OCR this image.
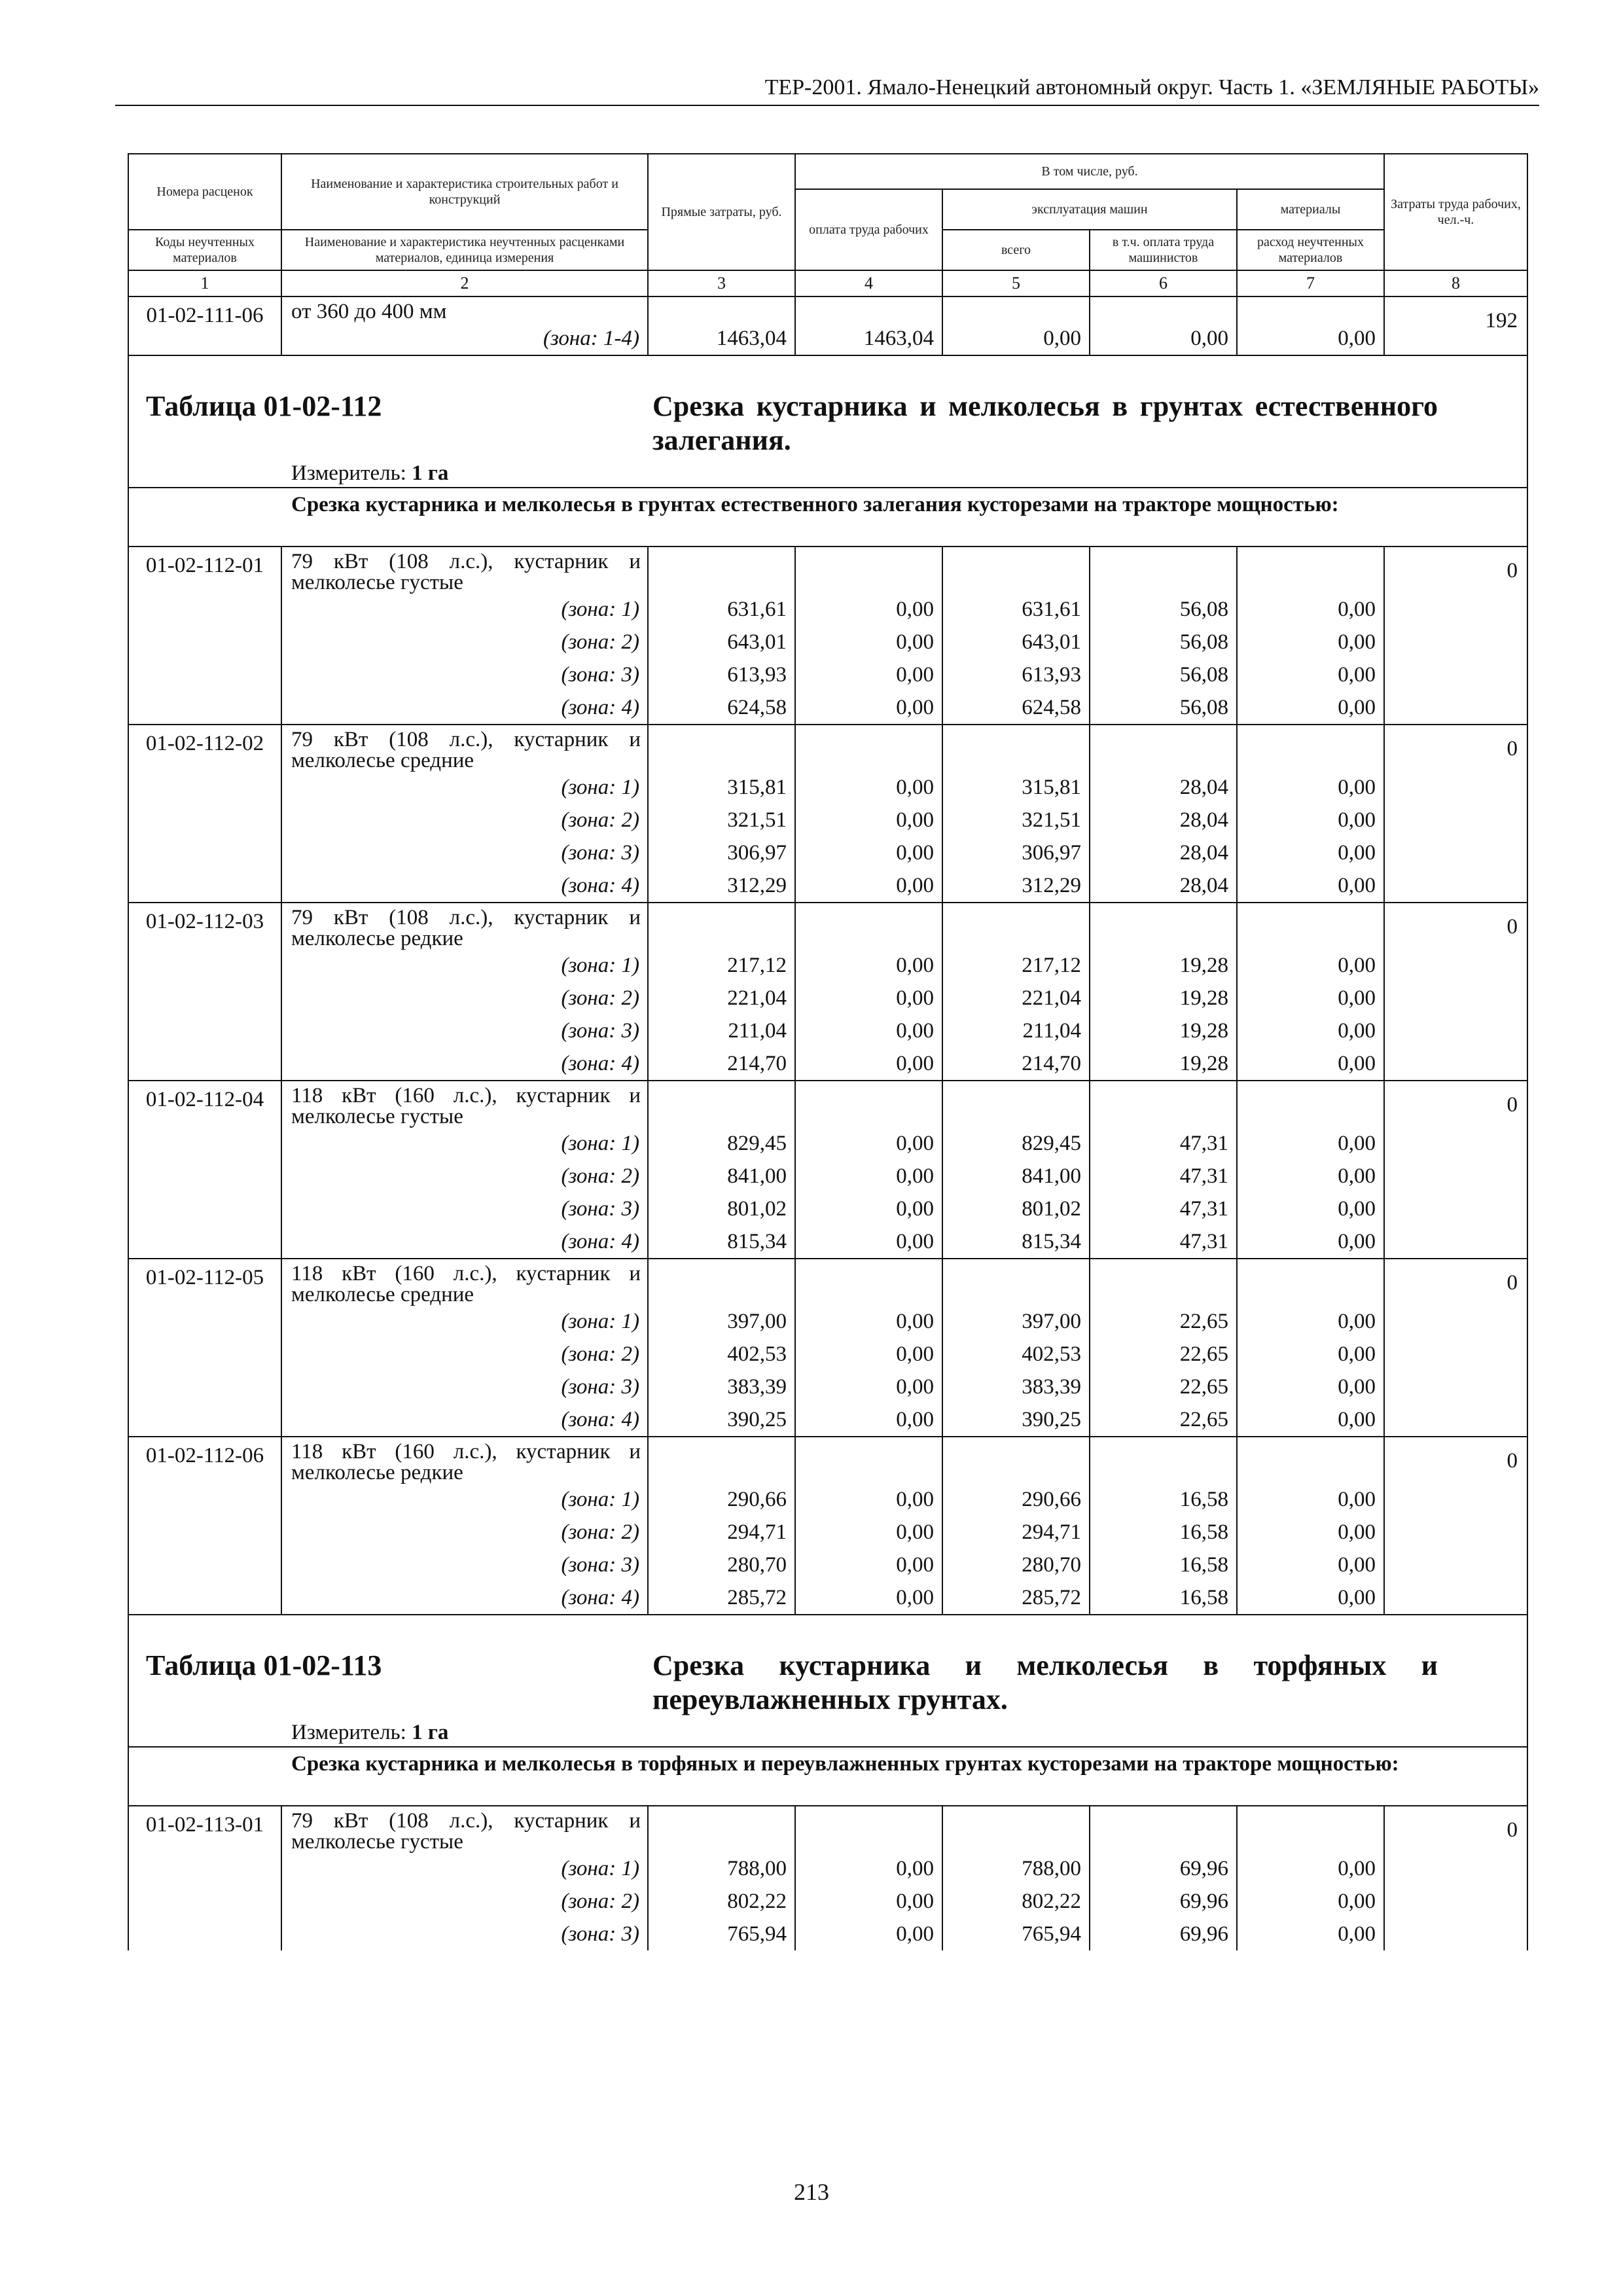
ТЕР-2001. Ямало-Ненецкий автономный округ. Часть 1. «ЗЕМЛЯНЫЕ РАБОТЫ»
Номера расценок	Наименование и характеристика строительных работ и конструкций	Прямые затраты, руб.	В том числе, руб.				Затраты труда рабочих, чел.-ч.
			оплата труда рабочих	эксплуатация машин		материалы	
Коды неучтенных материалов	Наименование и характеристика неучтенных расценками материалов, единица измерения			всего	в т.ч. оплата труда машинистов	расход неучтенных материалов	
1	2	3	4	5	6	7	8
01-02-111-06	от 360 до 400 мм						192
	(зона: 1-4)	1463,04	1463,04	0,00	0,00	0,00	

Таблица 01-02-112 Срезка кустарника и мелколесья в грунтах естественного залегания.
Измеритель: 1 га							

Срезка кустарника и мелколесья в грунтах естественного залегания кусторезами на тракторе мощностью:							

01-02-112-01	79 кВт (108 л.с.), кустарник и мелколесье густые						0
	(зона: 1)	631,61	0,00	631,61	56,08	0,00	
	(зона: 2)	643,01	0,00	643,01	56,08	0,00	
	(зона: 3)	613,93	0,00	613,93	56,08	0,00	
	(зона: 4)	624,58	0,00	624,58	56,08	0,00	
01-02-112-02	79 кВт (108 л.с.), кустарник и мелколесье средние						0
	(зона: 1)	315,81	0,00	315,81	28,04	0,00	
	(зона: 2)	321,51	0,00	321,51	28,04	0,00	
	(зона: 3)	306,97	0,00	306,97	28,04	0,00	
	(зона: 4)	312,29	0,00	312,29	28,04	0,00	
01-02-112-03	79 кВт (108 л.с.), кустарник и мелколесье редкие						0
	(зона: 1)	217,12	0,00	217,12	19,28	0,00	
	(зона: 2)	221,04	0,00	221,04	19,28	0,00	
	(зона: 3)	211,04	0,00	211,04	19,28	0,00	
	(зона: 4)	214,70	0,00	214,70	19,28	0,00	
01-02-112-04	118 кВт (160 л.с.), кустарник и мелколесье густые						0
	(зона: 1)	829,45	0,00	829,45	47,31	0,00	
	(зона: 2)	841,00	0,00	841,00	47,31	0,00	
	(зона: 3)	801,02	0,00	801,02	47,31	0,00	
	(зона: 4)	815,34	0,00	815,34	47,31	0,00	
01-02-112-05	118 кВт (160 л.с.), кустарник и мелколесье средние						0
	(зона: 1)	397,00	0,00	397,00	22,65	0,00	
	(зона: 2)	402,53	0,00	402,53	22,65	0,00	
	(зона: 3)	383,39	0,00	383,39	22,65	0,00	
	(зона: 4)	390,25	0,00	390,25	22,65	0,00	
01-02-112-06	118 кВт (160 л.с.), кустарник и мелколесье редкие						0
	(зона: 1)	290,66	0,00	290,66	16,58	0,00	
	(зона: 2)	294,71	0,00	294,71	16,58	0,00	
	(зона: 3)	280,70	0,00	280,70	16,58	0,00	
	(зона: 4)	285,72	0,00	285,72	16,58	0,00	

Таблица 01-02-113 Срезка кустарника и мелколесья в торфяных и переувлажненных грунтах.
Измеритель: 1 га							

Срезка кустарника и мелколесья в торфяных и переувлажненных грунтах кусторезами на тракторе мощностью:							

01-02-113-01	79 кВт (108 л.с.), кустарник и мелколесье густые						0
	(зона: 1)	788,00	0,00	788,00	69,96	0,00	
	(зона: 2)	802,22	0,00	802,22	69,96	0,00	
	(зона: 3)	765,94	0,00	765,94	69,96	0,00	
213
